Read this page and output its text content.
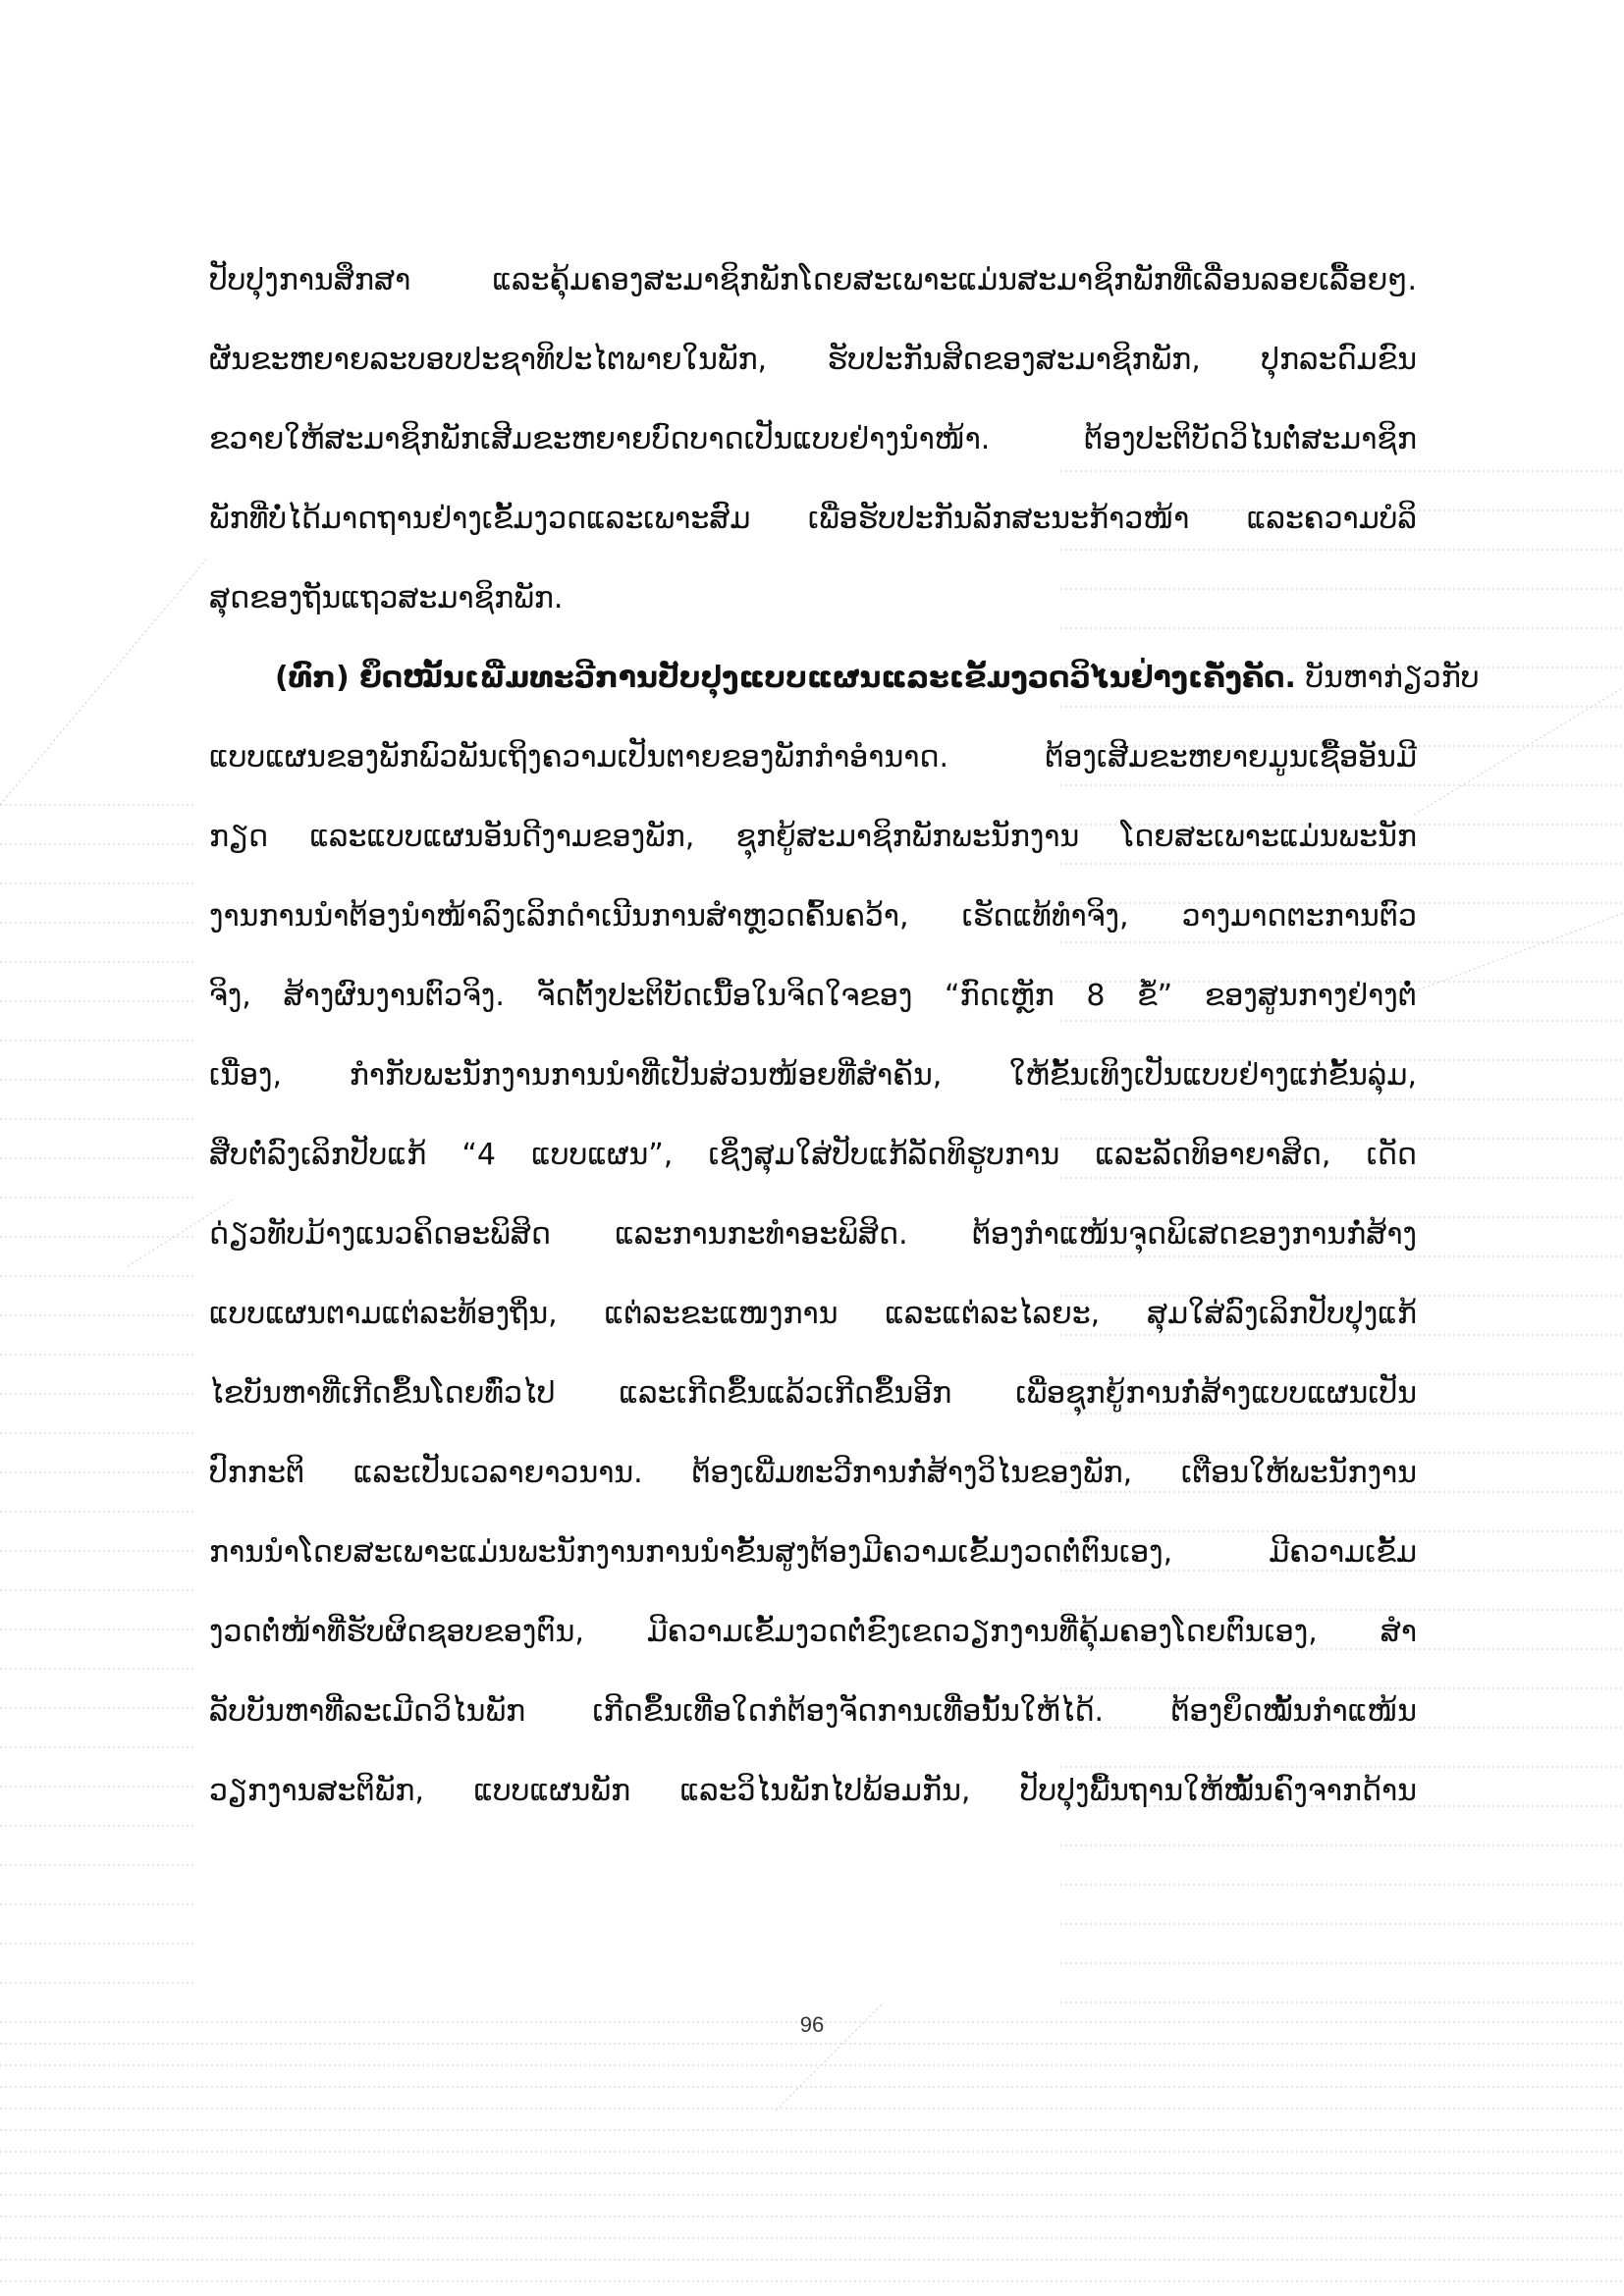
ປັບປຸງການສຶກສາ ແລະຄຸ້ມຄອງສະມາຊິກພັກໂດຍສະເພາະແມ່ນສະມາຊິກພັກທີ່ເລື່ອນລອຍເລື້ອຍໆ.
ຜັນຂະຫຍາຍລະບອບປະຊາທິປະໄຕພາຍໃນພັກ, ຮັບປະກັນສິດຂອງສະມາຊິກພັກ, ປຸກລະດົມຂົນ
ຂວາຍໃຫ້ສະມາຊິກພັກເສີມຂະຫຍາຍບົດບາດເປັນແບບຢ່າງນໍາໜ້າ. ຕ້ອງປະຕິບັດວິໄນຕໍ່ສະມາຊິກ
ພັກທີ່ບໍ່ໄດ້ມາດຖານຢ່າງເຂັ້ມງວດແລະເພາະສົມ ເພື່ອຮັບປະກັນລັກສະນະກ້າວໜ້າ ແລະຄວາມບໍລິ
ສຸດຂອງຖັນແຖວສະມາຊິກພັກ.
(ທົກ) ຍຶດໝັ້ນເພີ່ມທະວີການປັບປຸງແບບແຜນແລະເຂັ້ມງວດວິໄນຢ່າງເຄັ່ງຄັດ. ບັນຫາກ່ຽວກັບ
ແບບແຜນຂອງພັກພົວພັນເຖິງຄວາມເປັນຕາຍຂອງພັກກໍາອໍານາດ. ຕ້ອງເສີມຂະຫຍາຍມູນເຊື້ອອັນມີ
ກຽດ ແລະແບບແຜນອັນດີງາມຂອງພັກ, ຊຸກຍູ້ສະມາຊິກພັກພະນັກງານ ໂດຍສະເພາະແມ່ນພະນັກ
ງານການນໍາຕ້ອງນໍາໜ້າລົງເລິກດໍາເນີນການສໍາຫຼວດຄົ້ນຄວ້າ, ເຮັດແທ້ທໍາຈິງ, ວາງມາດຕະການຕົວ
ຈິງ, ສ້າງຜົນງານຕົວຈິງ. ຈັດຕັ້ງປະຕິບັດເນື້ອໃນຈິດໃຈຂອງ “ກົດເຫຼັກ 8 ຂໍ້” ຂອງສູນກາງຢ່າງຕໍ່
ເນື່ອງ, ກໍາກັບພະນັກງານການນໍາທີ່ເປັນສ່ວນໜ້ອຍທີ່ສໍາຄັນ, ໃຫ້ຂັ້ນເທິງເປັນແບບຢ່າງແກ່ຂັ້ນລຸ່ມ,
ສືບຕໍ່ລົງເລິກປັບແກ້ “4 ແບບແຜນ”, ເຊິ່ງສຸມໃສ່ປັບແກ້ລັດທິຮູບການ ແລະລັດທິອາຍາສິດ, ເດັດ
ດ່ຽວທັບມ້າງແນວຄິດອະພິສິດ ແລະການກະທໍາອະພິສິດ. ຕ້ອງກໍາແໜ້ນຈຸດພິເສດຂອງການກໍ່ສ້າງ
ແບບແຜນຕາມແຕ່ລະທ້ອງຖິ່ນ, ແຕ່ລະຂະແໜງການ ແລະແຕ່ລະໄລຍະ, ສຸມໃສ່ລົງເລິກປັບປຸງແກ້
ໄຂບັນຫາທີ່ເກີດຂຶ້ນໂດຍທົ່ວໄປ ແລະເກີດຂຶ້ນແລ້ວເກີດຂຶ້ນອີກ ເພື່ອຊຸກຍູ້ການກໍ່ສ້າງແບບແຜນເປັນ
ປົກກະຕິ ແລະເປັນເວລາຍາວນານ. ຕ້ອງເພີ່ມທະວີການກໍ່ສ້າງວິໄນຂອງພັກ, ເຕືອນໃຫ້ພະນັກງານ
ການນໍາໂດຍສະເພາະແມ່ນພະນັກງານການນໍາຂັ້ນສູງຕ້ອງມີຄວາມເຂັ້ມງວດຕໍ່ຕົນເອງ, ມີຄວາມເຂັ້ມ
ງວດຕໍ່ໜ້າທີ່ຮັບຜິດຊອບຂອງຕົນ, ມີຄວາມເຂັ້ມງວດຕໍ່ຂົງເຂດວຽກງານທີ່ຄຸ້ມຄອງໂດຍຕົນເອງ, ສໍາ
ລັບບັນຫາທີ່ລະເມີດວິໄນພັກ ເກີດຂຶ້ນເທື່ອໃດກໍຕ້ອງຈັດການເທື່ອນັ້ນໃຫ້ໄດ້. ຕ້ອງຍຶດໝັ້ນກໍາແໜ້ນ
ວຽກງານສະຕິພັກ, ແບບແຜນພັກ ແລະວິໄນພັກໄປພ້ອມກັນ, ປັບປຸງພື້ນຖານໃຫ້ໝັ້ນຄົງຈາກດ້ານ
96
